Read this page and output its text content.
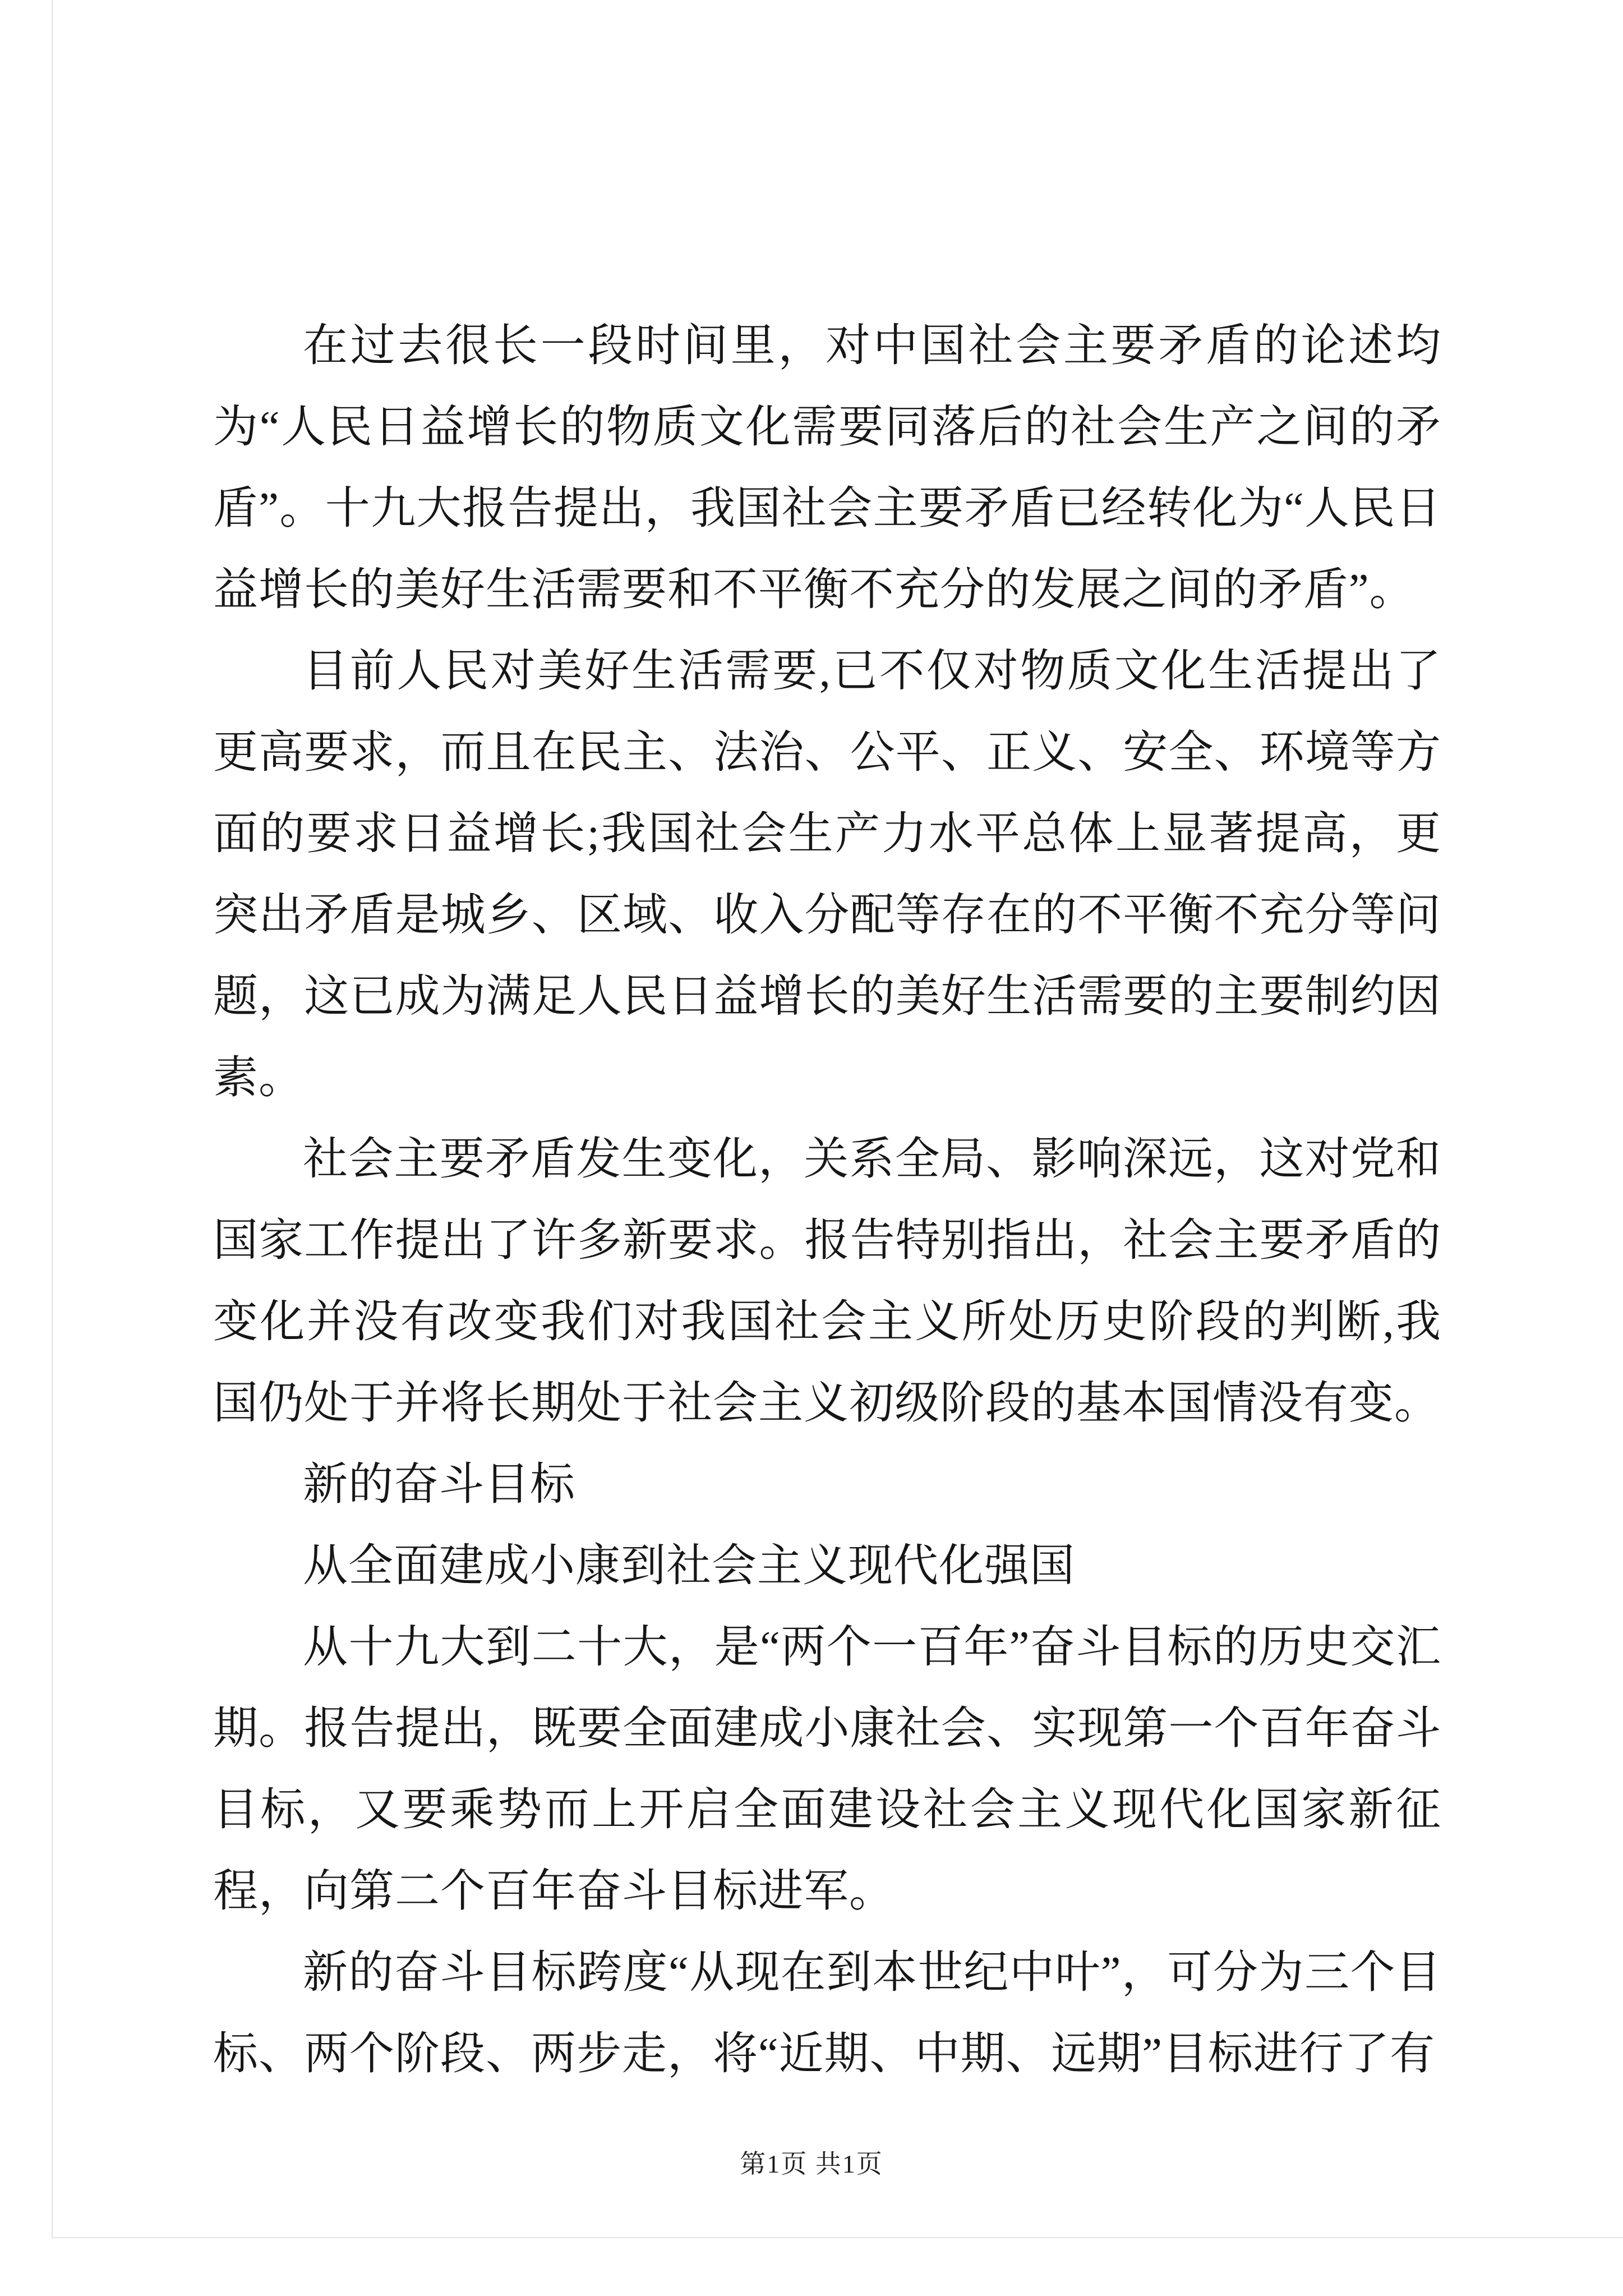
在过去很长一段时间里，对中国社会主要矛盾的论述均为“人民日益增长的物质文化需要同落后的社会生产之间的矛盾”。十九大报告提出，我国社会主要矛盾已经转化为“人民日益增长的美好生活需要和不平衡不充分的发展之间的矛盾”。

目前人民对美好生活需要,已不仅对物质文化生活提出了更高要求，而且在民主、法治、公平、正义、安全、环境等方面的要求日益增长;我国社会生产力水平总体上显著提高，更突出矛盾是城乡、区域、收入分配等存在的不平衡不充分等问题，这已成为满足人民日益增长的美好生活需要的主要制约因素。

社会主要矛盾发生变化，关系全局、影响深远，这对党和国家工作提出了许多新要求。报告特别指出，社会主要矛盾的变化并没有改变我们对我国社会主义所处历史阶段的判断,我国仍处于并将长期处于社会主义初级阶段的基本国情没有变。

新的奋斗目标

从全面建成小康到社会主义现代化强国

从十九大到二十大，是“两个一百年”奋斗目标的历史交汇期。报告提出，既要全面建成小康社会、实现第一个百年奋斗目标，又要乘势而上开启全面建设社会主义现代化国家新征程，向第二个百年奋斗目标进军。

新的奋斗目标跨度“从现在到本世纪中叶”，可分为三个目标、两个阶段、两步走，将“近期、中期、远期”目标进行了有

第1页 共1页
